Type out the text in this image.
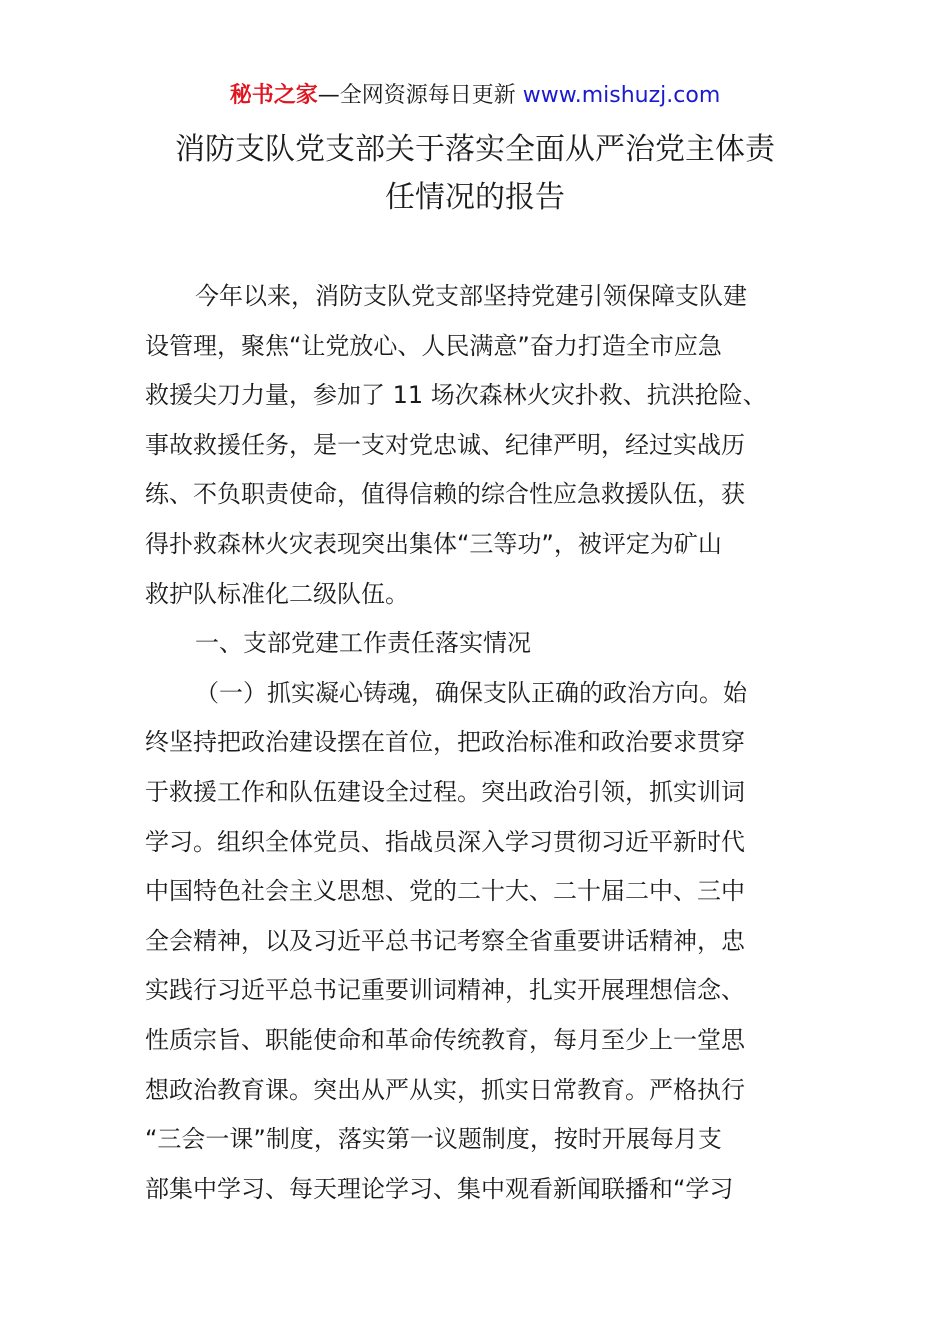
秘书之家—全网资源每日更新 www.mishuzj.com
消防支队党支部关于落实全面从严治党主体责
任情况的报告
今年以来，消防支队党支部坚持党建引领保障支队建
设管理，聚焦“让党放心、人民满意”奋力打造全市应急
救援尖刀力量，参加了 11 场次森林火灾扑救、抗洪抢险、
事故救援任务，是一支对党忠诚、纪律严明，经过实战历
练、不负职责使命，值得信赖的综合性应急救援队伍，获
得扑救森林火灾表现突出集体“三等功”，被评定为矿山
救护队标准化二级队伍。
一、支部党建工作责任落实情况
（一）抓实凝心铸魂，确保支队正确的政治方向。始
终坚持把政治建设摆在首位，把政治标准和政治要求贯穿
于救援工作和队伍建设全过程。突出政治引领，抓实训词
学习。组织全体党员、指战员深入学习贯彻习近平新时代
中国特色社会主义思想、党的二十大、二十届二中、三中
全会精神，以及习近平总书记考察全省重要讲话精神，忠
实践行习近平总书记重要训词精神，扎实开展理想信念、
性质宗旨、职能使命和革命传统教育，每月至少上一堂思
想政治教育课。突出从严从实，抓实日常教育。严格执行
“三会一课”制度，落实第一议题制度，按时开展每月支
部集中学习、每天理论学习、集中观看新闻联播和“学习
